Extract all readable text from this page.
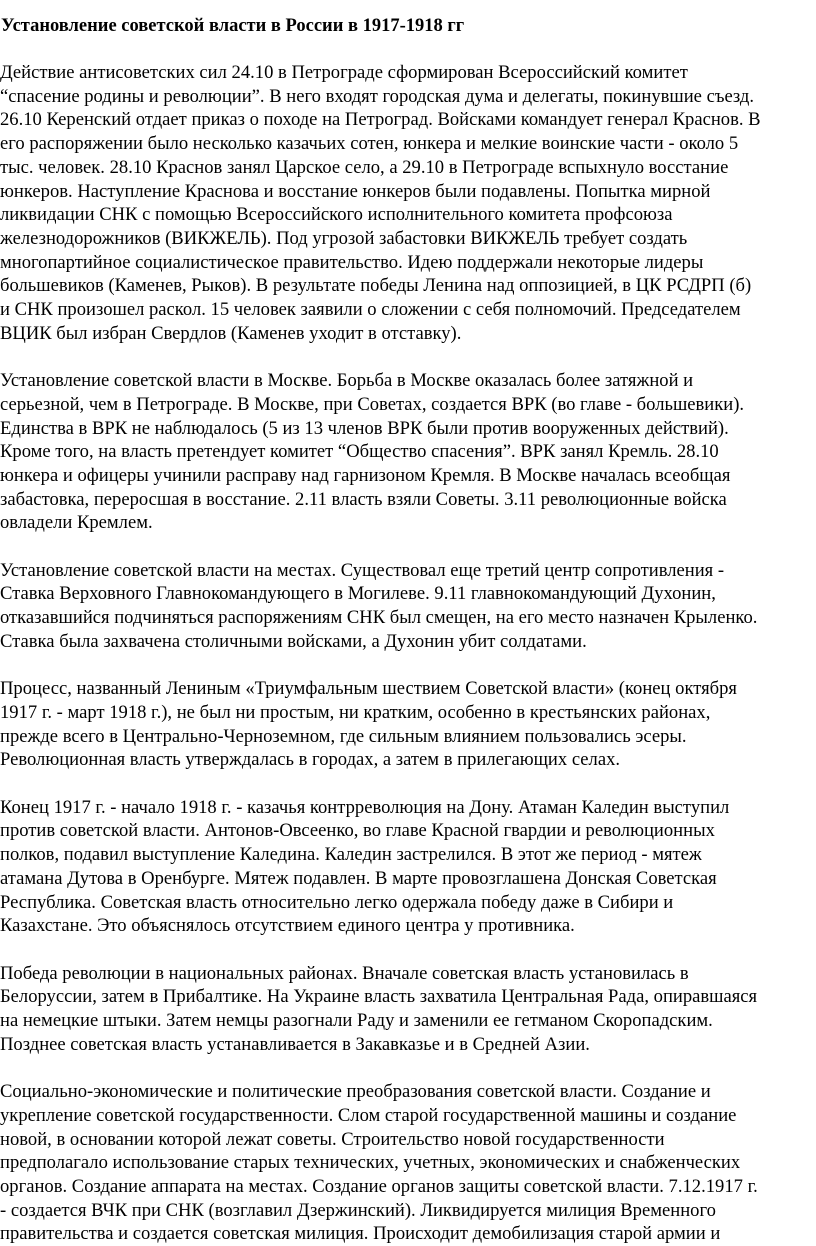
Установление советской власти в России в 1917-1918 гг

Действие антисоветских сил 24.10 в Петрограде сформирован Всероссийский комитет
“спасение родины и революции”. В него входят городская дума и делегаты, покинувшие съезд.
26.10 Керенский отдает приказ о походе на Петроград. Войсками командует генерал Краснов. В
его распоряжении было несколько казачьих сотен, юнкера и мелкие воинские части - около 5
тыс. человек. 28.10 Краснов занял Царское село, а 29.10 в Петрограде вспыхнуло восстание
юнкеров. Наступление Краснова и восстание юнкеров были подавлены. Попытка мирной
ликвидации СНК с помощью Всероссийского исполнительного комитета профсоюза
железнодорожников (ВИКЖЕЛЬ). Под угрозой забастовки ВИКЖЕЛЬ требует создать
многопартийное социалистическое правительство. Идею поддержали некоторые лидеры
большевиков (Каменев, Рыков). В результате победы Ленина над оппозицией, в ЦК РСДРП (б)
и СНК произошел раскол. 15 человек заявили о сложении с себя полномочий. Председателем
ВЦИК был избран Свердлов (Каменев уходит в отставку).

Установление советской власти в Москве. Борьба в Москве оказалась более затяжной и
серьезной, чем в Петрограде. В Москве, при Советах, создается ВРК (во главе - большевики).
Единства в ВРК не наблюдалось (5 из 13 членов ВРК были против вооруженных действий).
Кроме того, на власть претендует комитет “Общество спасения”. ВРК занял Кремль. 28.10
юнкера и офицеры учинили расправу над гарнизоном Кремля. В Москве началась всеобщая
забастовка, переросшая в восстание. 2.11 власть взяли Советы. 3.11 революционные войска
овладели Кремлем.

Установление советской власти на местах. Существовал еще третий центр сопротивления -
Ставка Верховного Главнокомандующего в Могилеве. 9.11 главнокомандующий Духонин,
отказавшийся подчиняться распоряжениям СНК был смещен, на его место назначен Крыленко.
Ставка была захвачена столичными войсками, а Духонин убит солдатами.

Процесс, названный Лениным «Триумфальным шествием Советской власти» (конец октября
1917 г. - март 1918 г.), не был ни простым, ни кратким, особенно в крестьянских районах,
прежде всего в Центрально-Черноземном, где сильным влиянием пользовались эсеры.
Революционная власть утверждалась в городах, а затем в прилегающих селах.

Конец 1917 г. - начало 1918 г. - казачья контрреволюция на Дону. Атаман Каледин выступил
против советской власти. Антонов-Овсеенко, во главе Красной гвардии и революционных
полков, подавил выступление Каледина. Каледин застрелился. В этот же период - мятеж
атамана Дутова в Оренбурге. Мятеж подавлен. В марте провозглашена Донская Советская
Республика. Советская власть относительно легко одержала победу даже в Сибири и
Казахстане. Это объяснялось отсутствием единого центра у противника.

Победа революции в национальных районах. Вначале советская власть установилась в
Белоруссии, затем в Прибалтике. На Украине власть захватила Центральная Рада, опиравшаяся
на немецкие штыки. Затем немцы разогнали Раду и заменили ее гетманом Скоропадским.
Позднее советская власть устанавливается в Закавказье и в Средней Азии.

Социально-экономические и политические преобразования советской власти. Создание и
укрепление советской государственности. Слом старой государственной машины и создание
новой, в основании которой лежат советы. Строительство новой государственности
предполагало использование старых технических, учетных, экономических и снабженческих
органов. Создание аппарата на местах. Создание органов защиты советской власти. 7.12.1917 г.
- создается ВЧК при СНК (возглавил Дзержинский). Ликвидируется милиция Временного
правительства и создается советская милиция. Происходит демобилизация старой армии и
